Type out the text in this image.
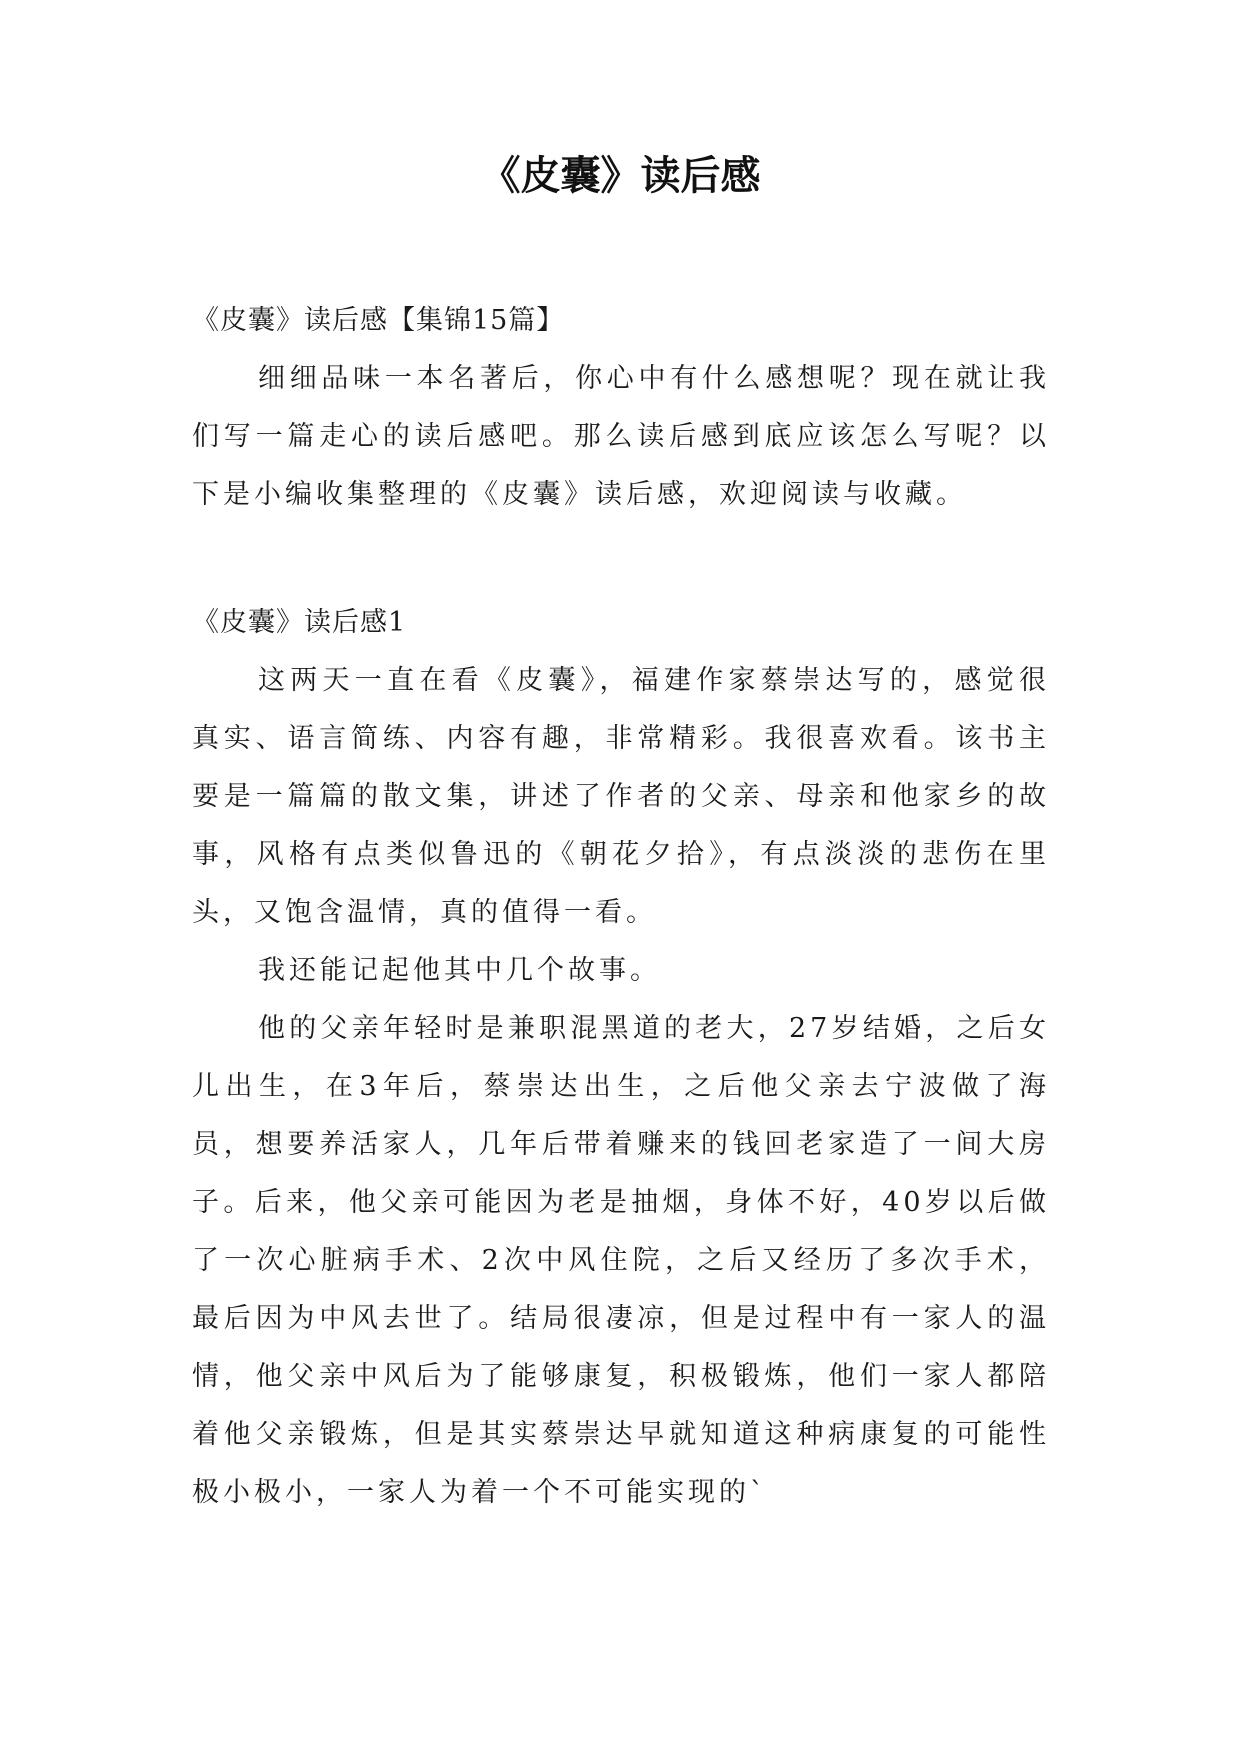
《皮囊》读后感

《皮囊》读后感【集锦15篇】

细细品味一本名著后，你心中有什么感想呢？现在就让我们写一篇走心的读后感吧。那么读后感到底应该怎么写呢？以下是小编收集整理的《皮囊》读后感，欢迎阅读与收藏。

《皮囊》读后感1

这两天一直在看《皮囊》，福建作家蔡崇达写的，感觉很真实、语言简练、内容有趣，非常精彩。我很喜欢看。该书主要是一篇篇的散文集，讲述了作者的父亲、母亲和他家乡的故事，风格有点类似鲁迅的《朝花夕拾》，有点淡淡的悲伤在里头，又饱含温情，真的值得一看。

我还能记起他其中几个故事。

他的父亲年轻时是兼职混黑道的老大，27岁结婚，之后女儿出生，在3年后，蔡崇达出生，之后他父亲去宁波做了海员，想要养活家人，几年后带着赚来的钱回老家造了一间大房子。后来，他父亲可能因为老是抽烟，身体不好，40岁以后做了一次心脏病手术、2次中风住院，之后又经历了多次手术，最后因为中风去世了。结局很凄凉，但是过程中有一家人的温情，他父亲中风后为了能够康复，积极锻炼，他们一家人都陪着他父亲锻炼，但是其实蔡崇达早就知道这种病康复的可能性极小极小，一家人为着一个不可能实现的`
